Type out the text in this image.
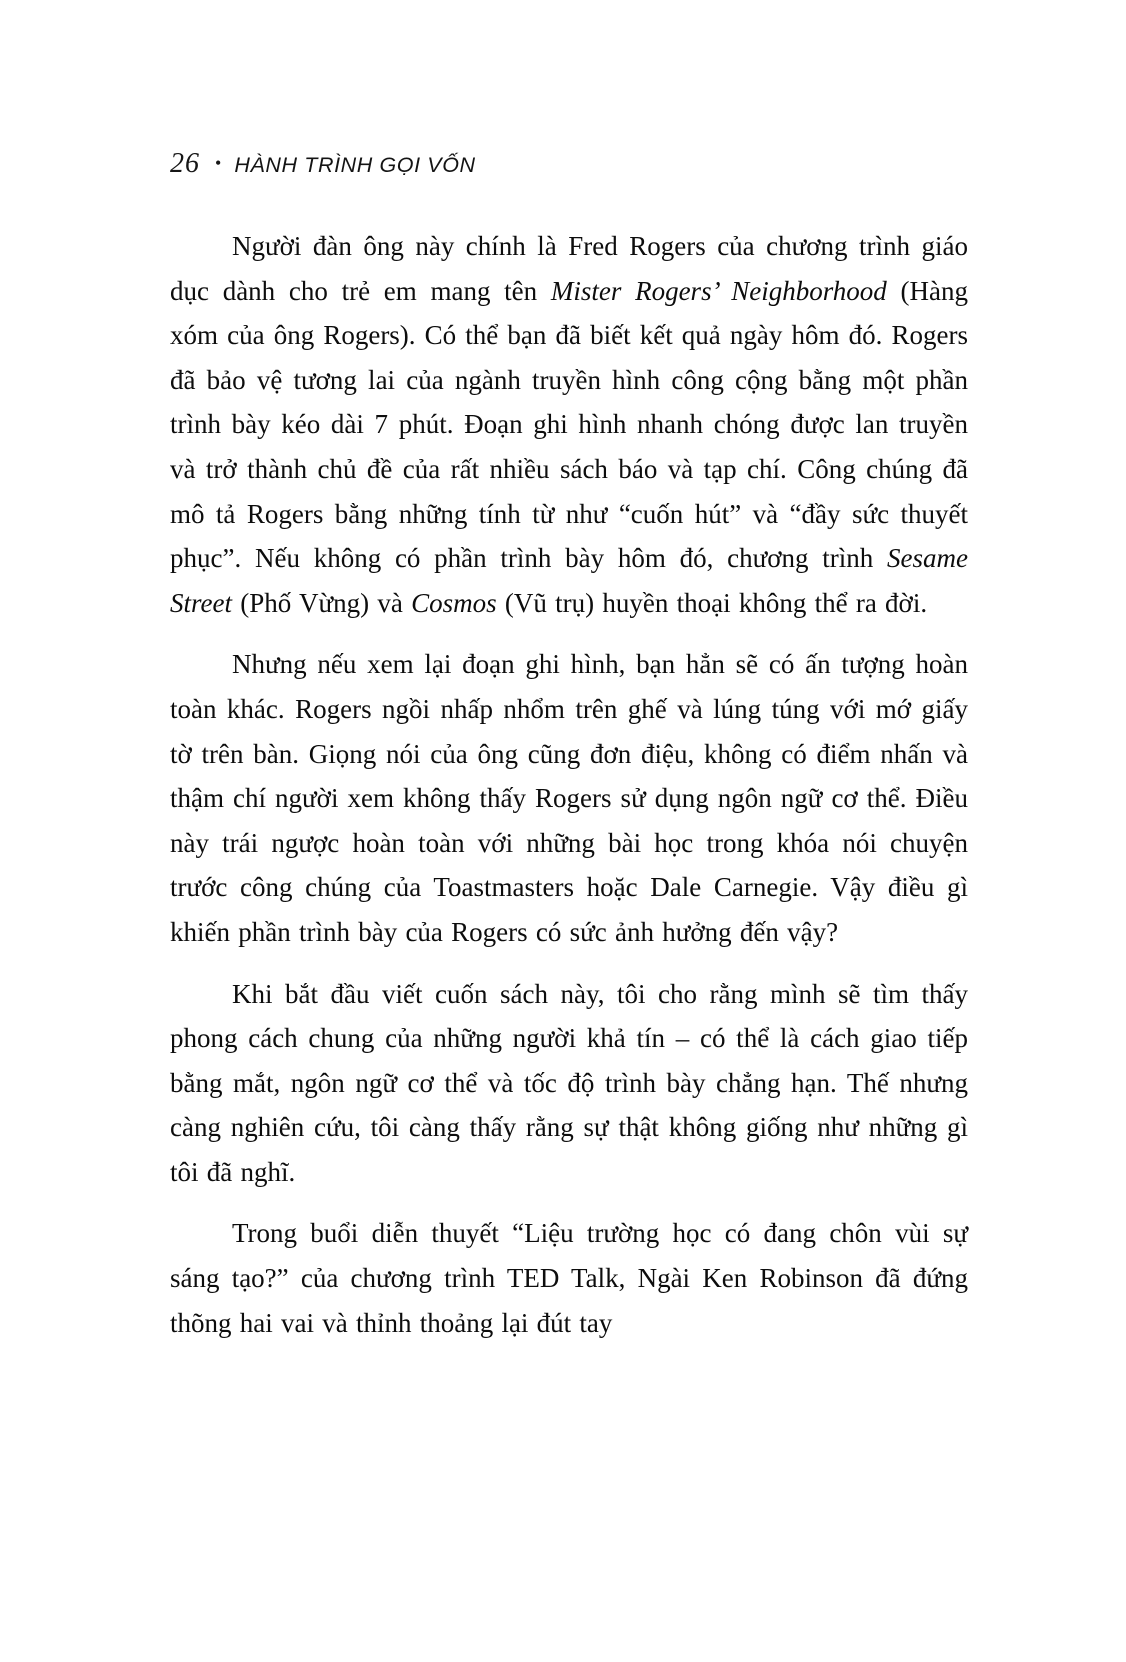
26 • HÀNH TRÌNH GỌI VỐN

Người đàn ông này chính là Fred Rogers của chương trình giáo dục dành cho trẻ em mang tên Mister Rogers’ Neighborhood (Hàng xóm của ông Rogers). Có thể bạn đã biết kết quả ngày hôm đó. Rogers đã bảo vệ tương lai của ngành truyền hình công cộng bằng một phần trình bày kéo dài 7 phút. Đoạn ghi hình nhanh chóng được lan truyền và trở thành chủ đề của rất nhiều sách báo và tạp chí. Công chúng đã mô tả Rogers bằng những tính từ như “cuốn hút” và “đầy sức thuyết phục”. Nếu không có phần trình bày hôm đó, chương trình Sesame Street (Phố Vừng) và Cosmos (Vũ trụ) huyền thoại không thể ra đời.

Nhưng nếu xem lại đoạn ghi hình, bạn hẳn sẽ có ấn tượng hoàn toàn khác. Rogers ngồi nhấp nhổm trên ghế và lúng túng với mớ giấy tờ trên bàn. Giọng nói của ông cũng đơn điệu, không có điểm nhấn và thậm chí người xem không thấy Rogers sử dụng ngôn ngữ cơ thể. Điều này trái ngược hoàn toàn với những bài học trong khóa nói chuyện trước công chúng của Toastmasters hoặc Dale Carnegie. Vậy điều gì khiến phần trình bày của Rogers có sức ảnh hưởng đến vậy?

Khi bắt đầu viết cuốn sách này, tôi cho rằng mình sẽ tìm thấy phong cách chung của những người khả tín – có thể là cách giao tiếp bằng mắt, ngôn ngữ cơ thể và tốc độ trình bày chẳng hạn. Thế nhưng càng nghiên cứu, tôi càng thấy rằng sự thật không giống như những gì tôi đã nghĩ.

Trong buổi diễn thuyết “Liệu trường học có đang chôn vùi sự sáng tạo?” của chương trình TED Talk, Ngài Ken Robinson đã đứng thõng hai vai và thỉnh thoảng lại đút tay
